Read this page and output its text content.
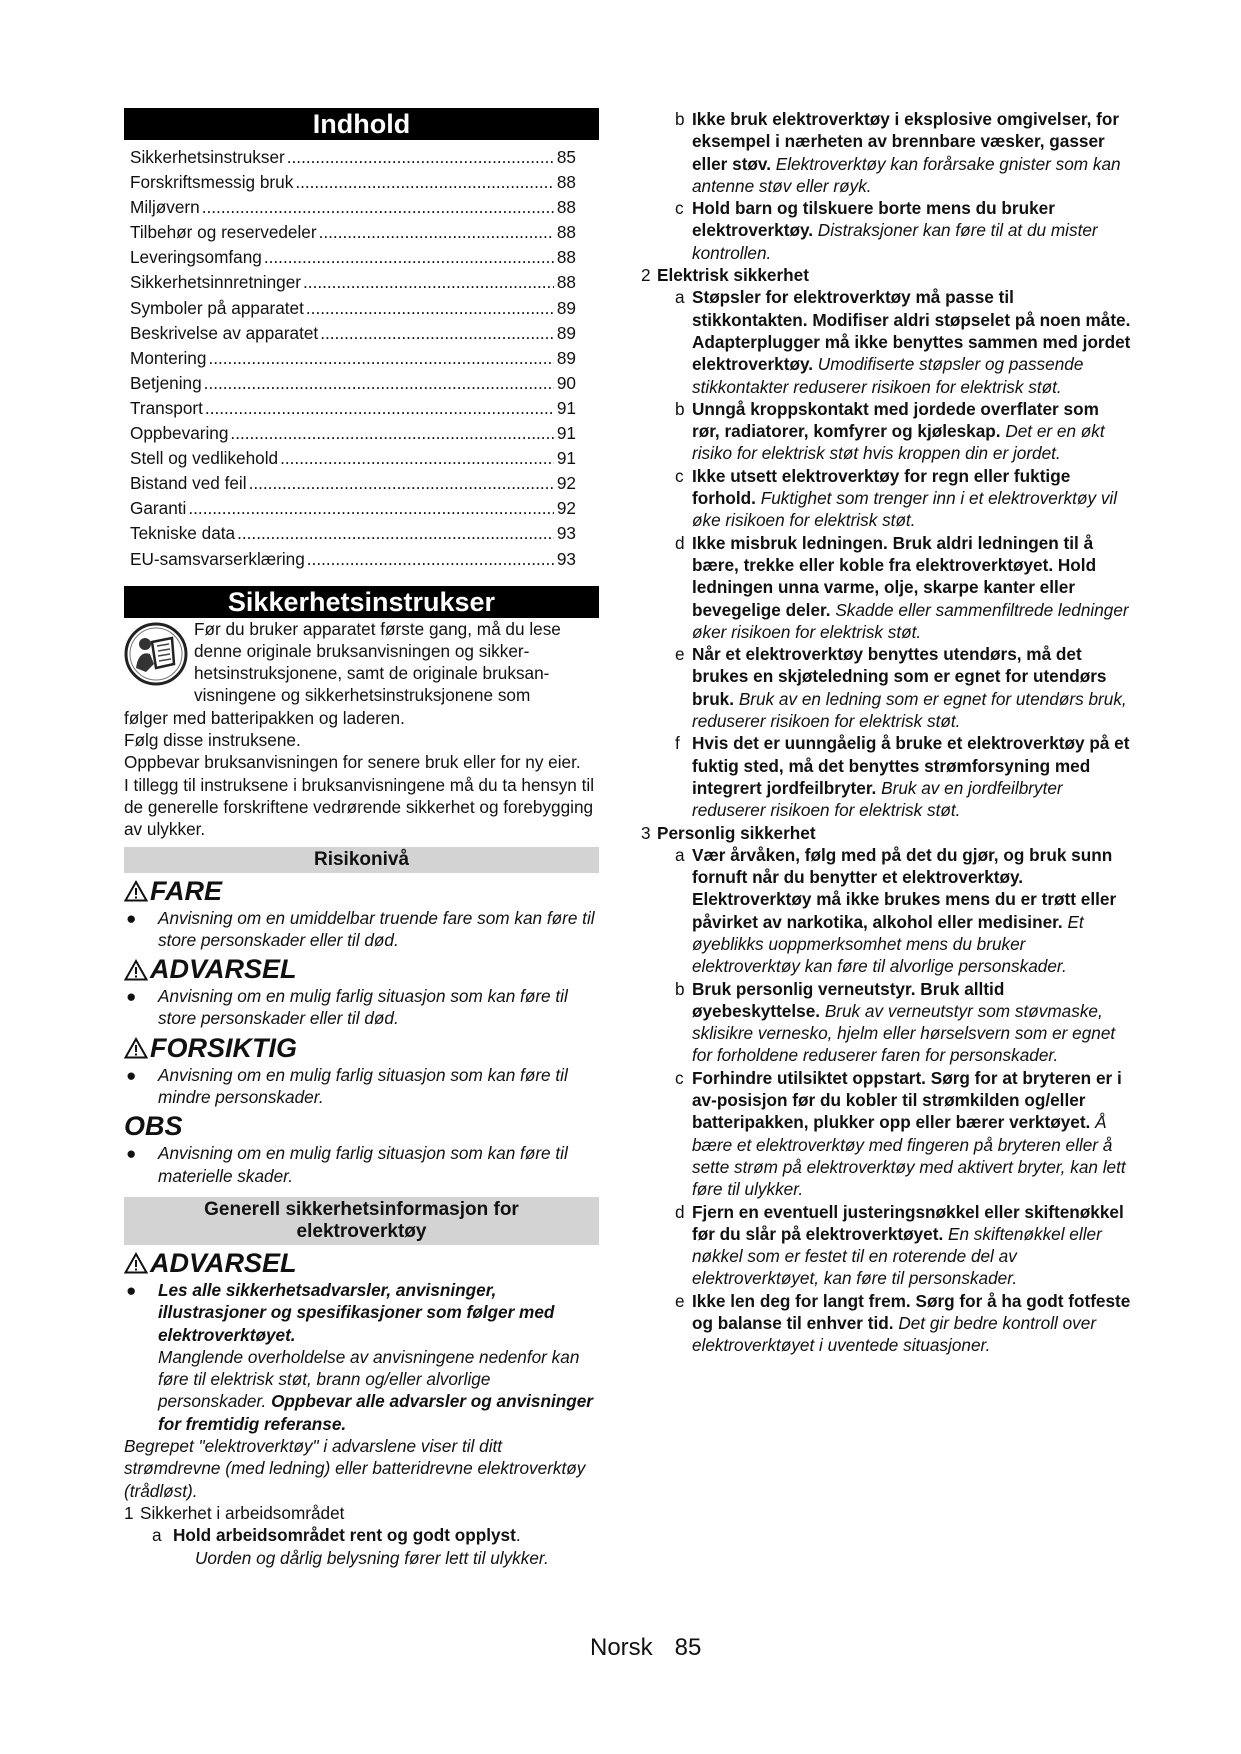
Indhold
Sikkerhetsinstrukser .....	85
Forskriftsmessig bruk .....	88
Miljøvern .....	88
Tilbehør og reservedeler .....	88
Leveringsomfang .....	88
Sikkerhetsinnretninger .....	88
Symboler på apparatet .....	89
Beskrivelse av apparatet .....	89
Montering .....	89
Betjening .....	90
Transport .....	91
Oppbevaring .....	91
Stell og vedlikehold .....	91
Bistand ved feil .....	92
Garanti .....	92
Tekniske data .....	93
EU-samsvarserklæring .....	93
Sikkerhetsinstrukser
Før du bruker apparatet første gang, må du lese
denne originale bruksanvisningen og sikker-
hetsinstruksjonene, samt de originale bruksan-
visningene og sikkerhetsinstruksjonene som
følger med batteripakken og laderen.
Følg disse instruksene.
Oppbevar bruksanvisningen for senere bruk eller for ny eier.
I tillegg til instruksene i bruksanvisningene må du ta hensyn til de generelle forskriftene vedrørende sikkerhet og forebygging av ulykker.
Risikonivå
FARE
●	Anvisning om en umiddelbar truende fare som kan føre til store personskader eller til død.
ADVARSEL
●	Anvisning om en mulig farlig situasjon som kan føre til store personskader eller til død.
FORSIKTIG
●	Anvisning om en mulig farlig situasjon som kan føre til mindre personskader.
OBS
●	Anvisning om en mulig farlig situasjon som kan føre til materielle skader.
Generell sikkerhetsinformasjon for
elektroverktøy
ADVARSEL
●	Les alle sikkerhetsadvarsler, anvisninger, illustrasjoner og spesifikasjoner som følger med elektroverktøyet.
Manglende overholdelse av anvisningene nedenfor kan føre til elektrisk støt, brann og/eller alvorlige personskader. Oppbevar alle advarsler og anvisninger for fremtidig referanse.
Begrepet "elektroverktøy" i advarslene viser til ditt strømdrevne (med ledning) eller batteridrevne elektroverktøy (trådløst).
1 Sikkerhet i arbeidsområdet
a Hold arbeidsområdet rent og godt opplyst.
Uorden og dårlig belysning fører lett til ulykker.
b Ikke bruk elektroverktøy i eksplosive omgivelser, for eksempel i nærheten av brennbare væsker, gasser eller støv. Elektroverktøy kan forårsake gnister som kan antenne støv eller røyk.
c Hold barn og tilskuere borte mens du bruker elektroverktøy. Distraksjoner kan føre til at du mister kontrollen.
2 Elektrisk sikkerhet
a Støpsler for elektroverktøy må passe til stikkontakten. Modifiser aldri støpselet på noen måte. Adapterplugger må ikke benyttes sammen med jordet elektroverktøy. Umodifiserte støpsler og passende stikkontakter reduserer risikoen for elektrisk støt.
b Unngå kroppskontakt med jordede overflater som rør, radiatorer, komfyrer og kjøleskap. Det er en økt risiko for elektrisk støt hvis kroppen din er jordet.
c Ikke utsett elektroverktøy for regn eller fuktige forhold. Fuktighet som trenger inn i et elektroverktøy vil øke risikoen for elektrisk støt.
d Ikke misbruk ledningen. Bruk aldri ledningen til å bære, trekke eller koble fra elektroverktøyet. Hold ledningen unna varme, olje, skarpe kanter eller bevegelige deler. Skadde eller sammenfiltrede ledninger øker risikoen for elektrisk støt.
e Når et elektroverktøy benyttes utendørs, må det brukes en skjøteledning som er egnet for utendørs bruk. Bruk av en ledning som er egnet for utendørs bruk, reduserer risikoen for elektrisk støt.
f Hvis det er uunngåelig å bruke et elektroverktøy på et fuktig sted, må det benyttes strømforsyning med integrert jordfeilbryter. Bruk av en jordfeilbryter reduserer risikoen for elektrisk støt.
3 Personlig sikkerhet
a Vær årvåken, følg med på det du gjør, og bruk sunn fornuft når du benytter et elektroverktøy. Elektroverktøy må ikke brukes mens du er trøtt eller påvirket av narkotika, alkohol eller medisiner. Et øyeblikks uoppmerksomhet mens du bruker elektroverktøy kan føre til alvorlige personskader.
b Bruk personlig verneutstyr. Bruk alltid øyebeskyttelse. Bruk av verneutstyr som støvmaske, sklisikre vernesko, hjelm eller hørselsvern som er egnet for forholdene reduserer faren for personskader.
c Forhindre utilsiktet oppstart. Sørg for at bryteren er i av-posisjon før du kobler til strømkilden og/eller batteripakken, plukker opp eller bærer verktøyet. Å bære et elektroverktøy med fingeren på bryteren eller å sette strøm på elektroverktøy med aktivert bryter, kan lett føre til ulykker.
d Fjern en eventuell justeringsnøkkel eller skiftenøkkel før du slår på elektroverktøyet. En skiftenøkkel eller nøkkel som er festet til en roterende del av elektroverktøyet, kan føre til personskader.
e Ikke len deg for langt frem. Sørg for å ha godt fotfeste og balanse til enhver tid. Det gir bedre kontroll over elektroverktøyet i uventede situasjoner.
Norsk 85
